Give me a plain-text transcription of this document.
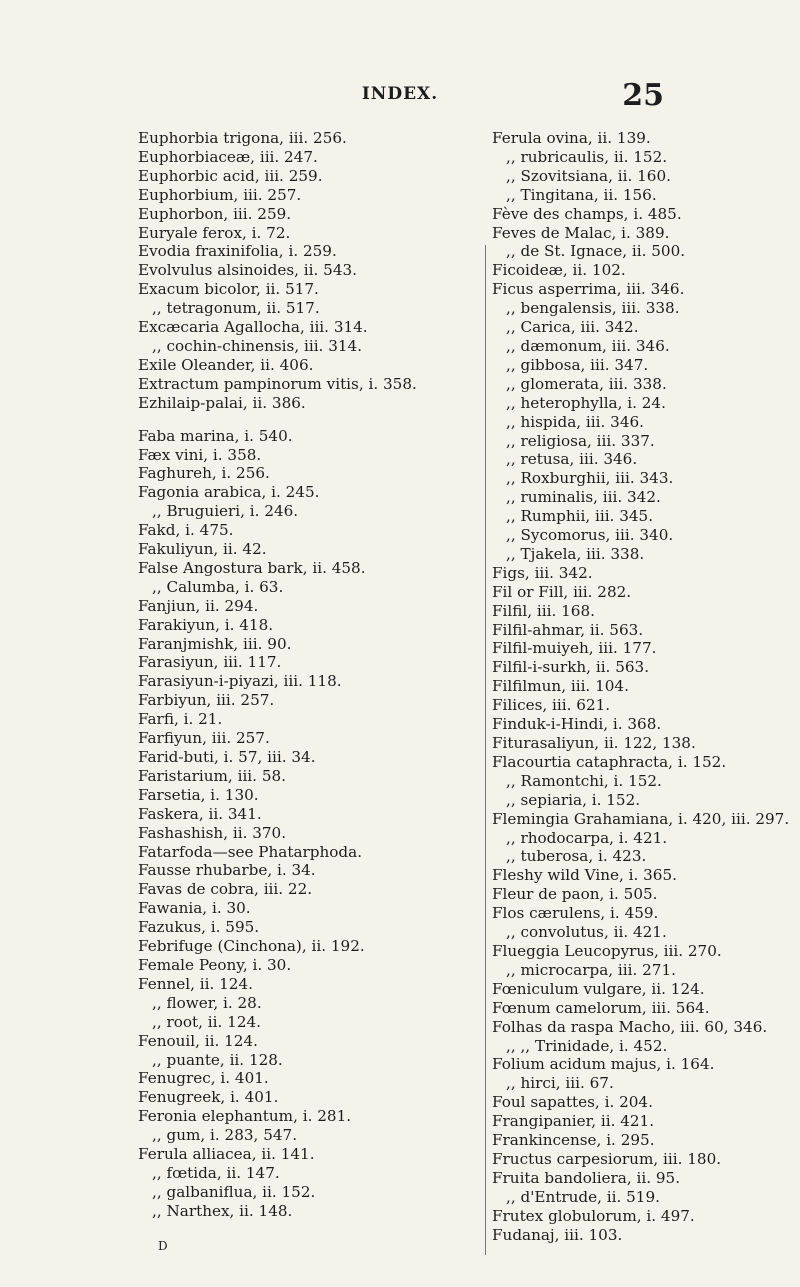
INDEX.	25
Euphorbia trigona, iii. 256.
Euphorbiaceæ, iii. 247.
Euphorbic acid, iii. 259.
Euphorbium, iii. 257.
Euphorbon, iii. 259.
Euryale ferox, i. 72.
Evodia fraxinifolia, i. 259.
Evolvulus alsinoides, ii. 543.
Exacum bicolor, ii. 517.
,, tetragonum, ii. 517.
Excæcaria Agallocha, iii. 314.
,, cochin-chinensis, iii. 314.
Exile Oleander, ii. 406.
Extractum pampinorum vitis, i. 358.
Ezhilaip-palai, ii. 386.
Faba marina, i. 540.
Fæx vini, i. 358.
Faghureh, i. 256.
Fagonia arabica, i. 245.
,, Bruguieri, i. 246.
Fakd, i. 475.
Fakuliyun, ii. 42.
False Angostura bark, ii. 458.
,, Calumba, i. 63.
Fanjiun, ii. 294.
Farakiyun, i. 418.
Faranjmishk, iii. 90.
Farasiyun, iii. 117.
Farasiyun-i-piyazi, iii. 118.
Farbiyun, iii. 257.
Farfi, i. 21.
Farfiyun, iii. 257.
Farid-buti, i. 57, iii. 34.
Faristarium, iii. 58.
Farsetia, i. 130.
Faskera, ii. 341.
Fashashish, ii. 370.
Fatarfoda—see Phatarphoda.
Fausse rhubarbe, i. 34.
Favas de cobra, iii. 22.
Fawania, i. 30.
Fazukus, i. 595.
Febrifuge (Cinchona), ii. 192.
Female Peony, i. 30.
Fennel, ii. 124.
,, flower, i. 28.
,, root, ii. 124.
Fenouil, ii. 124.
,, puante, ii. 128.
Fenugrec, i. 401.
Fenugreek, i. 401.
Feronia elephantum, i. 281.
,, gum, i. 283, 547.
Ferula alliacea, ii. 141.
,, fœtida, ii. 147.
,, galbaniflua, ii. 152.
,, Narthex, ii. 148.
Ferula ovina, ii. 139.
,, rubricaulis, ii. 152.
,, Szovitsiana, ii. 160.
,, Tingitana, ii. 156.
Fève des champs, i. 485.
Feves de Malac, i. 389.
,, de St. Ignace, ii. 500.
Ficoideæ, ii. 102.
Ficus asperrima, iii. 346.
,, bengalensis, iii. 338.
,, Carica, iii. 342.
,, dæmonum, iii. 346.
,, gibbosa, iii. 347.
,, glomerata, iii. 338.
,, heterophylla, i. 24.
,, hispida, iii. 346.
,, religiosa, iii. 337.
,, retusa, iii. 346.
,, Roxburghii, iii. 343.
,, ruminalis, iii. 342.
,, Rumphii, iii. 345.
,, Sycomorus, iii. 340.
,, Tjakela, iii. 338.
Figs, iii. 342.
Fil or Fill, iii. 282.
Filfil, iii. 168.
Filfil-ahmar, ii. 563.
Filfil-muiyeh, iii. 177.
Filfil-i-surkh, ii. 563.
Filfilmun, iii. 104.
Filices, iii. 621.
Finduk-i-Hindi, i. 368.
Fiturasaliyun, ii. 122, 138.
Flacourtia cataphracta, i. 152.
,, Ramontchi, i. 152.
,, sepiaria, i. 152.
Flemingia Grahamiana, i. 420, iii. 297.
,, rhodocarpa, i. 421.
,, tuberosa, i. 423.
Fleshy wild Vine, i. 365.
Fleur de paon, i. 505.
Flos cærulens, i. 459.
,, convolutus, ii. 421.
Flueggia Leucopyrus, iii. 270.
,, microcarpa, iii. 271.
Fœniculum vulgare, ii. 124.
Fœnum camelorum, iii. 564.
Folhas da raspa Macho, iii. 60, 346.
,, ,, Trinidade, i. 452.
Folium acidum majus, i. 164.
,, hirci, iii. 67.
Foul sapattes, i. 204.
Frangipanier, ii. 421.
Frankincense, i. 295.
Fructus carpesiorum, iii. 180.
Fruita bandoliera, ii. 95.
,, d'Entrude, ii. 519.
Frutex globulorum, i. 497.
Fudanaj, iii. 103.
D
